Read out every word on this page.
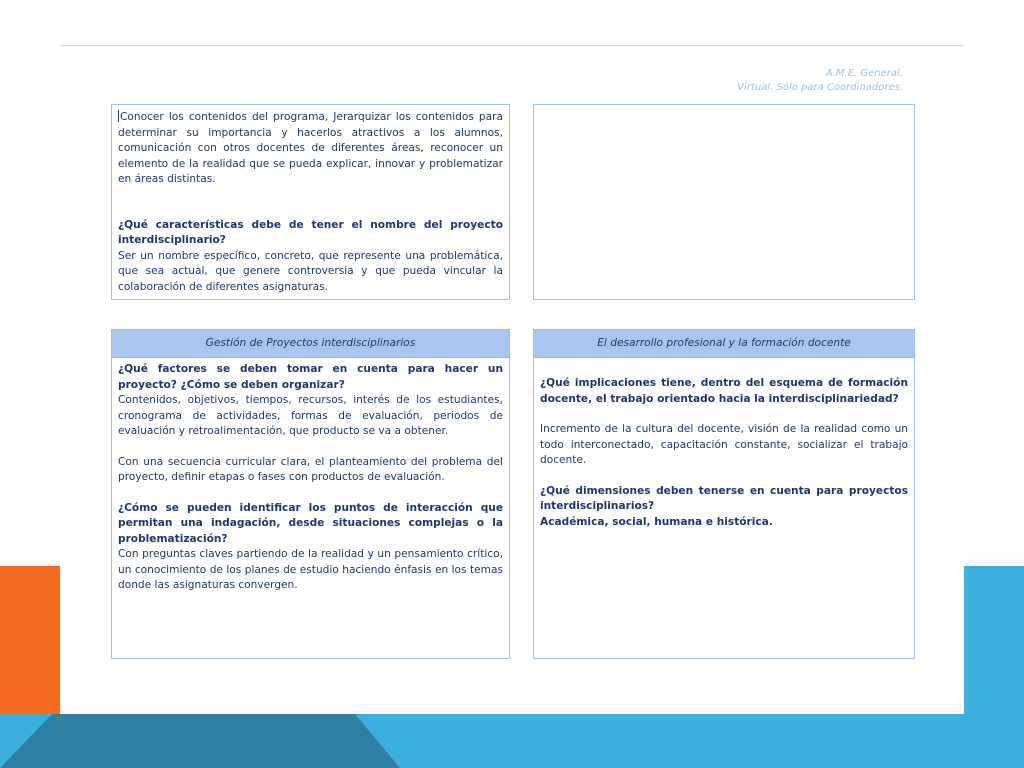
A.M.E. General.
Virtual. Sólo para Coordinadores.

Conocer los contenidos del programa, Jerarquizar los contenidos para determinar su importancia y hacerlos atractivos a los alumnos, comunicación con otros docentes de diferentes áreas, reconocer un elemento de la realidad que se pueda explicar, innovar y problematizar en áreas distintas.

¿Qué características debe de tener el nombre del proyecto interdisciplinario?

Ser un nombre específico, concreto, que represente una problemática, que sea actual, que genere controversia y que pueda vincular la colaboración de diferentes asignaturas.

Gestión de Proyectos interdisciplinarios

¿Qué factores se deben tomar en cuenta para hacer un proyecto? ¿Cómo se deben organizar?

Contenidos, objetivos, tiempos, recursos, interés de los estudiantes, cronograma de actividades, formas de evaluación, periodos de evaluación y retroalimentación, que producto se va a obtener.

Con una secuencia curricular clara, el planteamiento del problema del proyecto, definir etapas o fases con productos de evaluación.

¿Cómo se pueden identificar los puntos de interacción que permitan una indagación, desde situaciones complejas o la problematización?

Con preguntas claves partiendo de la realidad y un pensamiento crítico, un conocimiento de los planes de estudio haciendo énfasis en los temas donde las asignaturas convergen.

El desarrollo profesional y la formación docente

¿Qué implicaciones tiene, dentro del esquema de formación docente, el trabajo orientado hacia la interdisciplinariedad?

Incremento de la cultura del docente, visión de la realidad como un todo interconectado, capacitación constante, socializar el trabajo docente.

¿Qué dimensiones deben tenerse en cuenta para proyectos interdisciplinarios?

Académica, social, humana e histórica.
